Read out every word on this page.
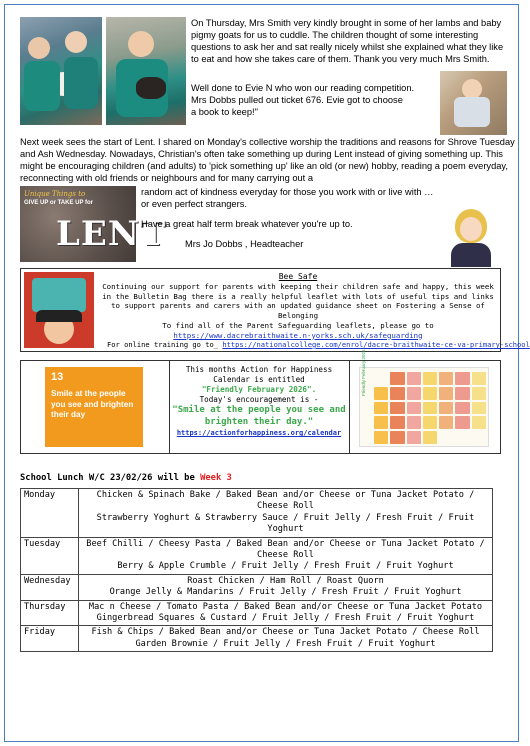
On Thursday, Mrs Smith very kindly brought in some of her lambs and baby pigmy goats for us to cuddle. The children thought of some interesting questions to ask her and sat really nicely whilst she explained what they like to eat and how she takes care of them. Thank you very much Mrs Smith.
Well done to Evie N who won our reading competition.
Mrs Dobbs pulled out ticket 676. Evie got to choose a book to keep!"
Next week sees the start of Lent. I shared on Monday's collective worship the traditions and reasons for Shrove Tuesday and Ash Wednesday. Nowadays, Christian's often take something up during Lent instead of giving something up. This might be encouraging children (and adults) to 'pick something up' like an old (or new) hobby, reading a poem everyday, reconnecting with old friends or neighbours and for many carrying out a
Unique Things to
GIVE UP or TAKE UP for
LENT
random act of kindness everyday for those you work with or live with … or even perfect strangers.
Have a great half term break whatever you're up to.
Mrs Jo Dobbs , Headteacher
Bee Safe
Continuing our support for parents with keeping their children safe and happy, this week in the Bulletin Bag there is a really helpful leaflet with lots of useful tips and links to support parents and carers with an updated guidance sheet on Fostering a Sense of Belonging
To find all of the Parent Safeguarding leaflets, please go to https://www.dacrebraithwaite.n-yorks.sch.uk/safeguarding
For online training go to_ https://nationalcollege.com/enrol/dacre-braithwaite-ce-va-primary-school
13
Smile at the people you see and brighten their day
This months Action for Happiness
Calendar is entitled
"Friendly February 2026".
Today's encouragement is -
"Smile at the people you see and brighten their day."
https://actionforhappiness.org/calendar
Friendly February 2026
School Lunch W/C 23/02/26 will be Week 3
Monday	Chicken & Spinach Bake / Baked Bean and/or Cheese or Tuna Jacket Potato / Cheese Roll
Strawberry Yoghurt & Strawberry Sauce / Fruit Jelly / Fresh Fruit / Fruit Yoghurt

Tuesday	Beef Chilli / Cheesy Pasta / Baked Bean and/or Cheese or Tuna Jacket Potato / Cheese Roll
Berry & Apple Crumble / Fruit Jelly / Fresh Fruit / Fruit Yoghurt

Wednesday	Roast Chicken / Ham Roll / Roast Quorn
Orange Jelly & Mandarins / Fruit Jelly / Fresh Fruit / Fruit Yoghurt

Thursday	Mac n Cheese / Tomato Pasta / Baked Bean and/or Cheese or Tuna Jacket Potato
Gingerbread Squares & Custard / Fruit Jelly / Fresh Fruit / Fruit Yoghurt

Friday	Fish & Chips / Baked Bean and/or Cheese or Tuna Jacket Potato / Cheese Roll
Garden Brownie / Fruit Jelly / Fresh Fruit / Fruit Yoghurt
